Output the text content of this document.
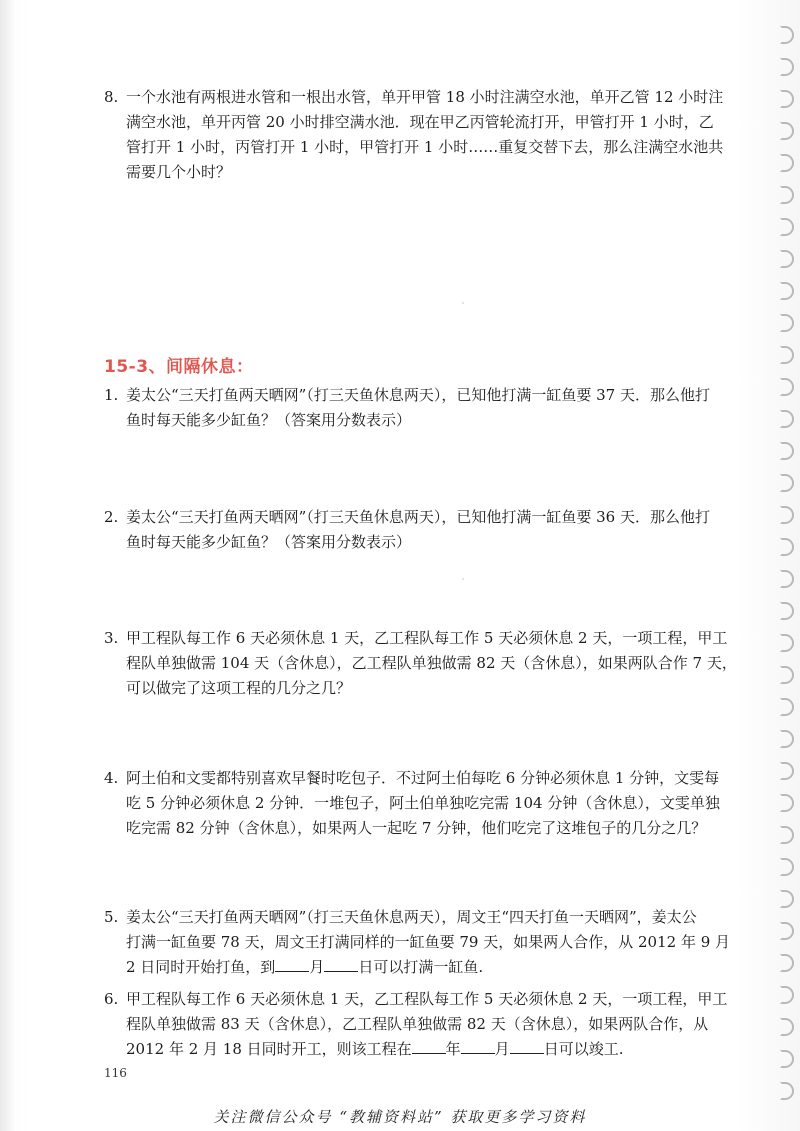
8. 一个水池有两根进水管和一根出水管，单开甲管 18 小时注满空水池，单开乙管 12 小时注
满空水池，单开丙管 20 小时排空满水池．现在甲乙丙管轮流打开，甲管打开 1 小时，乙
管打开 1 小时，丙管打开 1 小时，甲管打开 1 小时……重复交替下去，那么注满空水池共
需要几个小时？
15-3、间隔休息：
1. 姜太公“三天打鱼两天晒网”（打三天鱼休息两天），已知他打满一缸鱼要 37 天．那么他打
鱼时每天能多少缸鱼？（答案用分数表示）
2. 姜太公“三天打鱼两天晒网”（打三天鱼休息两天），已知他打满一缸鱼要 36 天．那么他打
鱼时每天能多少缸鱼？（答案用分数表示）
3. 甲工程队每工作 6 天必须休息 1 天，乙工程队每工作 5 天必须休息 2 天，一项工程，甲工
程队单独做需 104 天（含休息），乙工程队单独做需 82 天（含休息），如果两队合作 7 天，
可以做完了这项工程的几分之几？
4. 阿土伯和文雯都特别喜欢早餐时吃包子．不过阿土伯每吃 6 分钟必须休息 1 分钟，文雯每
吃 5 分钟必须休息 2 分钟．一堆包子，阿土伯单独吃完需 104 分钟（含休息），文雯单独
吃完需 82 分钟（含休息），如果两人一起吃 7 分钟，他们吃完了这堆包子的几分之几？
5. 姜太公“三天打鱼两天晒网”（打三天鱼休息两天），周文王“四天打鱼一天晒网”，姜太公
打满一缸鱼要 78 天，周文王打满同样的一缸鱼要 79 天，如果两人合作，从 2012 年 9 月
2 日同时开始打鱼，到 月 日可以打满一缸鱼.
6. 甲工程队每工作 6 天必须休息 1 天，乙工程队每工作 5 天必须休息 2 天，一项工程，甲工
程队单独做需 83 天（含休息），乙工程队单独做需 82 天（含休息），如果两队合作，从
2012 年 2 月 18 日同时开工，则该工程在 年 月 日可以竣工.

116

关注微信公众号 “教辅资料站” 获取更多学习资料
